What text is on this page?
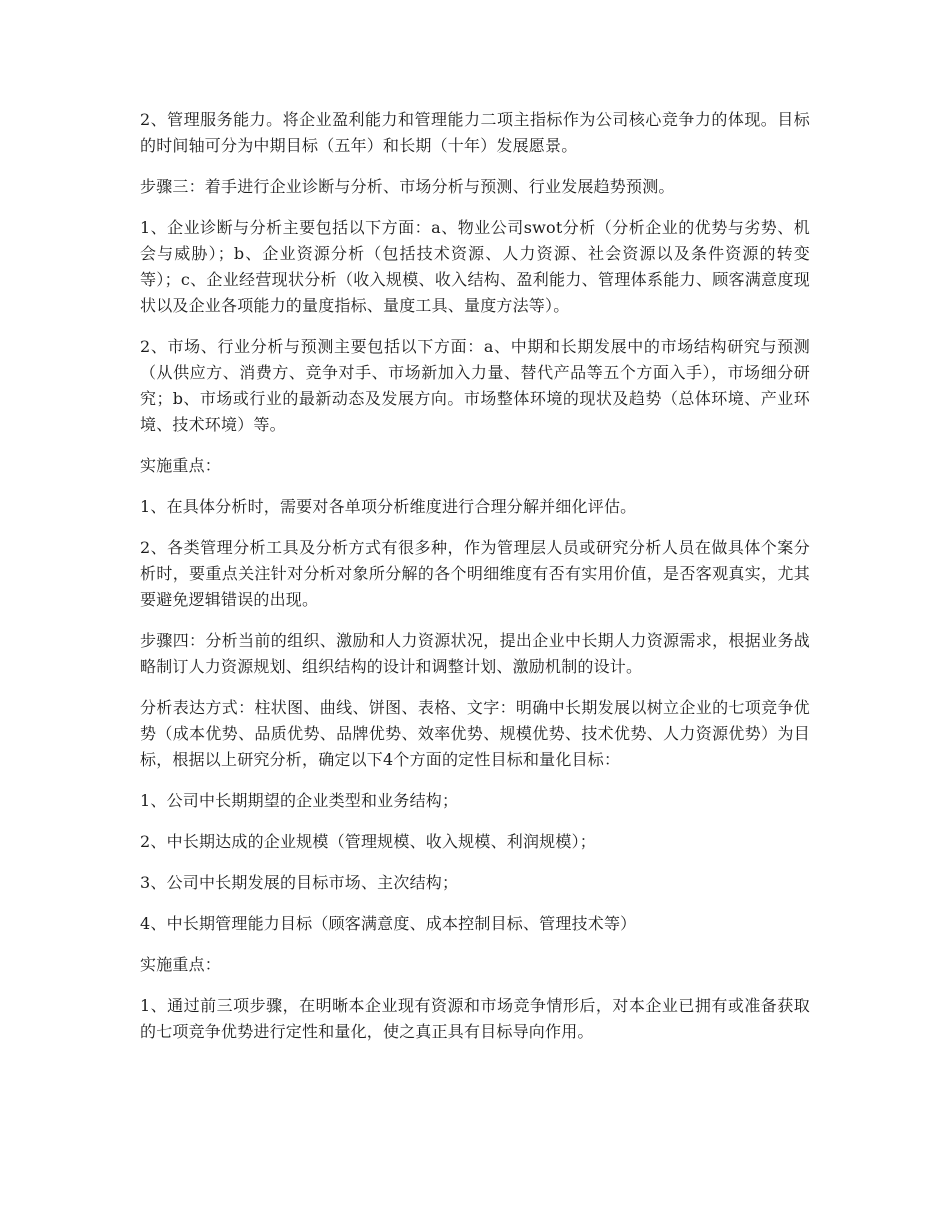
2、管理服务能力。将企业盈利能力和管理能力二项主指标作为公司核心竞争力的体现。目标的时间轴可分为中期目标（五年）和长期（十年）发展愿景。

步骤三：着手进行企业诊断与分析、市场分析与预测、行业发展趋势预测。

1、企业诊断与分析主要包括以下方面：a、物业公司swot分析（分析企业的优势与劣势、机会与威胁）；b、企业资源分析（包括技术资源、人力资源、社会资源以及条件资源的转变等）；c、企业经营现状分析（收入规模、收入结构、盈利能力、管理体系能力、顾客满意度现状以及企业各项能力的量度指标、量度工具、量度方法等）。

2、市场、行业分析与预测主要包括以下方面：a、中期和长期发展中的市场结构研究与预测（从供应方、消费方、竞争对手、市场新加入力量、替代产品等五个方面入手），市场细分研究；b、市场或行业的最新动态及发展方向。市场整体环境的现状及趋势（总体环境、产业环境、技术环境）等。

实施重点：

1、在具体分析时，需要对各单项分析维度进行合理分解并细化评估。

2、各类管理分析工具及分析方式有很多种，作为管理层人员或研究分析人员在做具体个案分析时，要重点关注针对分析对象所分解的各个明细维度有否有实用价值，是否客观真实，尤其要避免逻辑错误的出现。

步骤四：分析当前的组织、激励和人力资源状况，提出企业中长期人力资源需求，根据业务战略制订人力资源规划、组织结构的设计和调整计划、激励机制的设计。

分析表达方式：柱状图、曲线、饼图、表格、文字：明确中长期发展以树立企业的七项竞争优势（成本优势、品质优势、品牌优势、效率优势、规模优势、技术优势、人力资源优势）为目标，根据以上研究分析，确定以下4个方面的定性目标和量化目标：

1、公司中长期期望的企业类型和业务结构；

2、中长期达成的企业规模（管理规模、收入规模、利润规模）；

3、公司中长期发展的目标市场、主次结构；

4、中长期管理能力目标（顾客满意度、成本控制目标、管理技术等）

实施重点：

1、通过前三项步骤，在明晰本企业现有资源和市场竞争情形后，对本企业已拥有或准备获取的七项竞争优势进行定性和量化，使之真正具有目标导向作用。
